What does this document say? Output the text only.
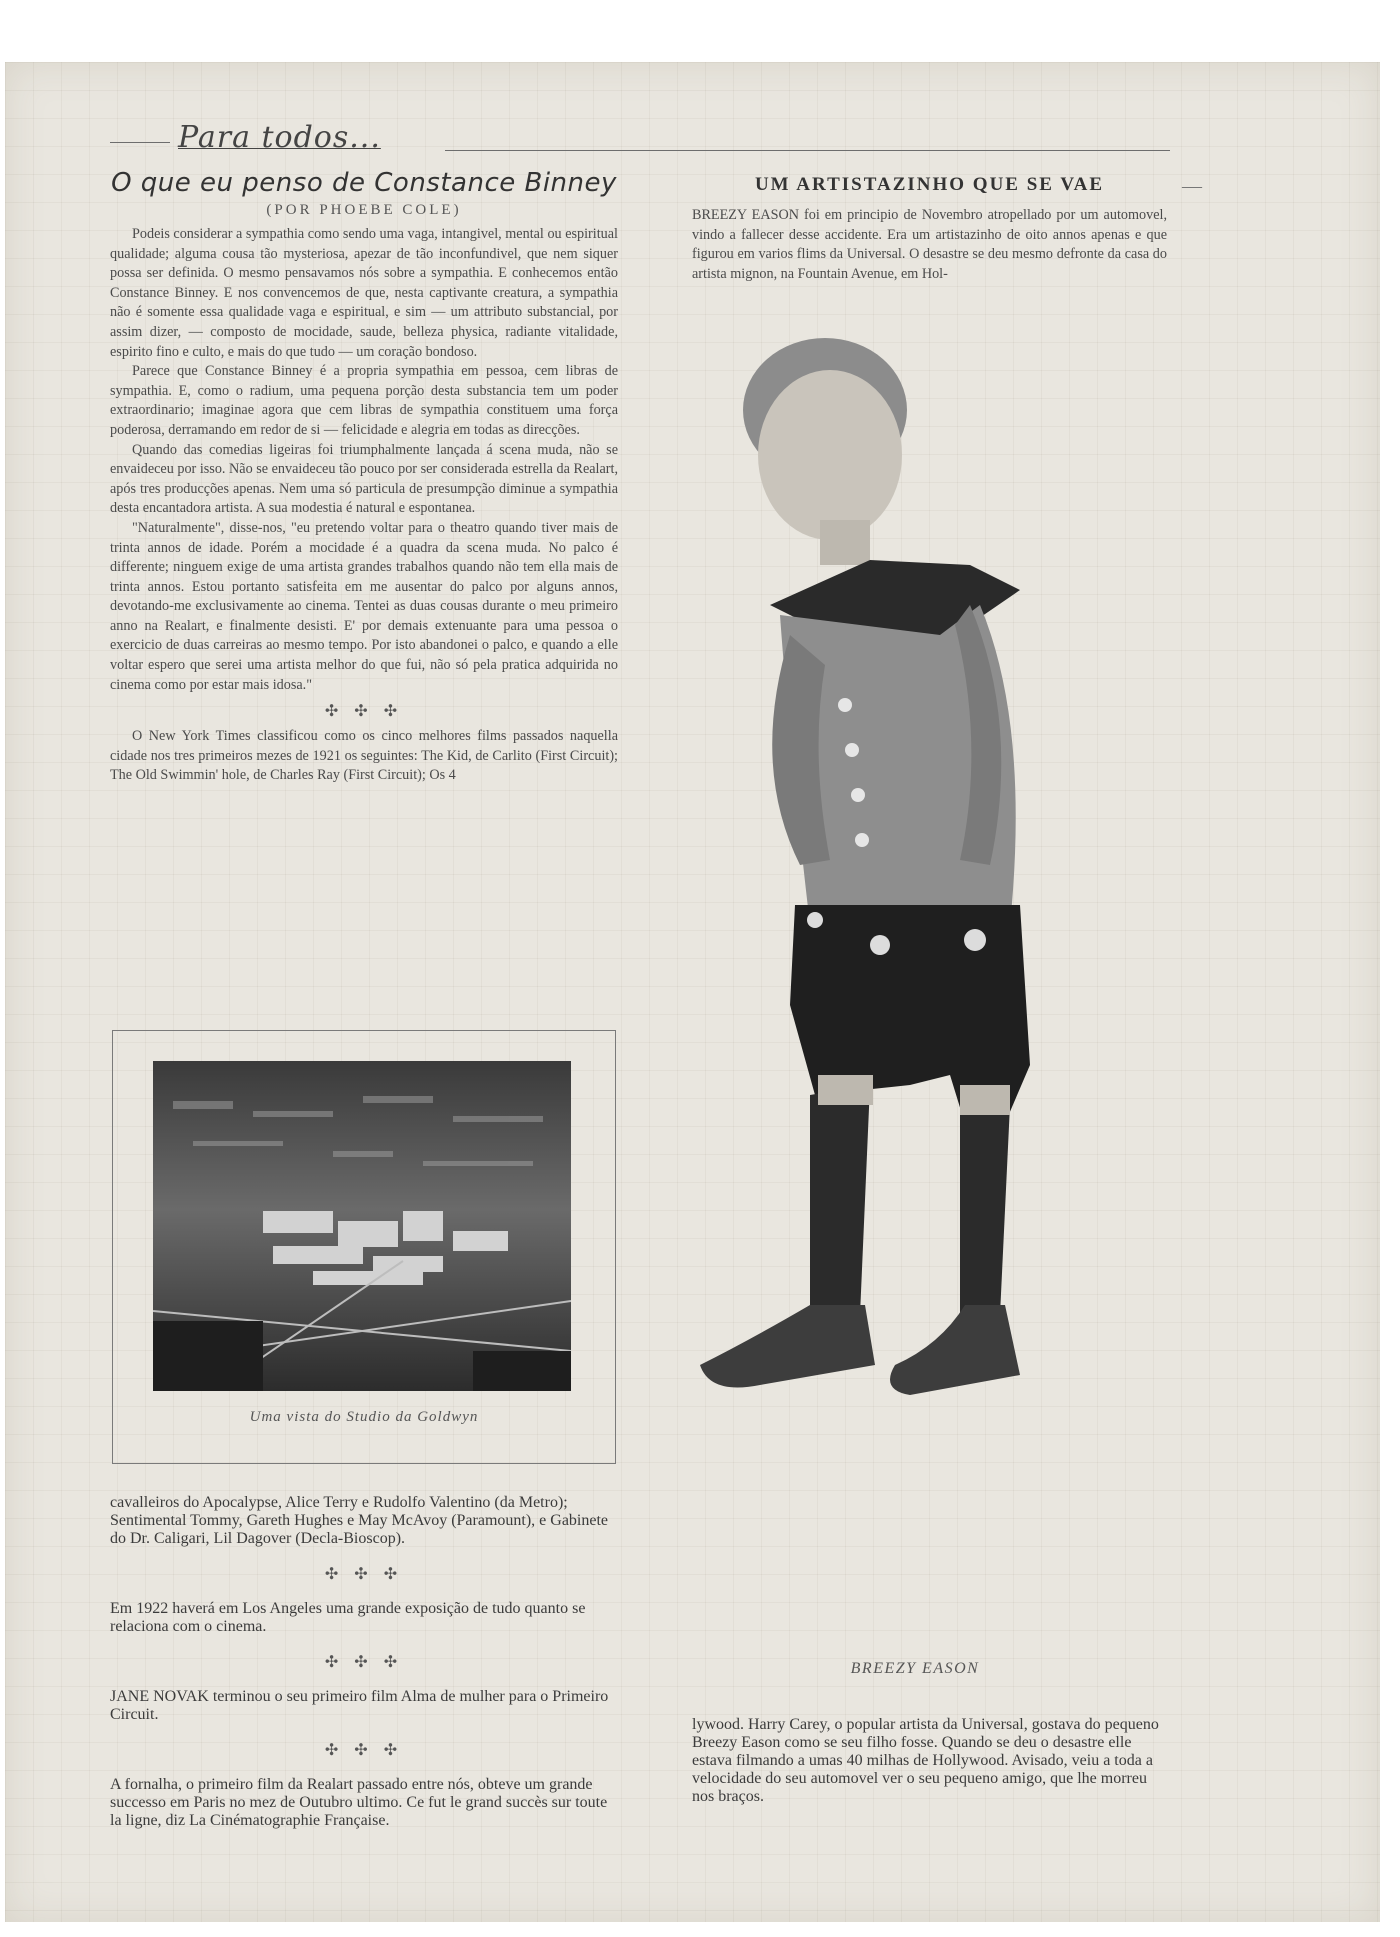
Para todos...
O que eu penso de Constance Binney
(POR PHOEBE COLE)

Podeis considerar a sympathia como sendo uma vaga, intangivel, mental ou espiritual qualidade; alguma cousa tão mysteriosa, apezar de tão inconfundivel, que nem siquer possa ser definida. O mesmo pensavamos nós sobre a sympathia. E conhecemos então Constance Binney. E nos convencemos de que, nesta captivante creatura, a sympathia não é somente essa qualidade vaga e espiritual, e sim — um attributo substancial, por assim dizer, — composto de mocidade, saude, belleza physica, radiante vitalidade, espirito fino e culto, e mais do que tudo — um coração bondoso.

Parece que Constance Binney é a propria sympathia em pessoa, cem libras de sympathia. E, como o radium, uma pequena porção desta substancia tem um poder extraordinario; imaginae agora que cem libras de sympathia constituem uma força poderosa, derramando em redor de si — felicidade e alegria em todas as direcções.

Quando das comedias ligeiras foi triumphalmente lançada á scena muda, não se envaideceu por isso. Não se envaideceu tão pouco por ser considerada estrella da Realart, após tres producções apenas. Nem uma só particula de presumpção diminue a sympathia desta encantadora artista. A sua modestia é natural e espontanea.

"Naturalmente", disse-nos, "eu pretendo voltar para o theatro quando tiver mais de trinta annos de idade. Porém a mocidade é a quadra da scena muda. No palco é differente; ninguem exige de uma artista grandes trabalhos quando não tem ella mais de trinta annos. Estou portanto satisfeita em me ausentar do palco por alguns annos, devotando-me exclusivamente ao cinema. Tentei as duas cousas durante o meu primeiro anno na Realart, e finalmente desisti. E' por demais extenuante para uma pessoa o exercicio de duas carreiras ao mesmo tempo. Por isto abandonei o palco, e quando a elle voltar espero que serei uma artista melhor do que fui, não só pela pratica adquirida no cinema como por estar mais idosa."

✣ ✣ ✣

O New York Times classificou como os cinco melhores films passados naquella cidade nos tres primeiros mezes de 1921 os seguintes: The Kid, de Carlito (First Circuit); The Old Swimmin' hole, de Charles Ray (First Circuit); Os 4

Uma vista do Studio da Goldwyn

cavalleiros do Apocalypse, Alice Terry e Rudolfo Valentino (da Metro); Sentimental Tommy, Gareth Hughes e May McAvoy (Paramount), e Gabinete do Dr. Caligari, Lil Dagover (Decla-Bioscop).

✣ ✣ ✣

Em 1922 haverá em Los Angeles uma grande exposição de tudo quanto se relaciona com o cinema.

✣ ✣ ✣

JANE NOVAK terminou o seu primeiro film Alma de mulher para o Primeiro Circuit.

✣ ✣ ✣

A fornalha, o primeiro film da Realart passado entre nós, obteve um grande successo em Paris no mez de Outubro ultimo. Ce fut le grand succès sur toute la ligne, diz La Cinématographie Française.

UM ARTISTAZINHO QUE SE VAE

BREEZY EASON foi em principio de Novembro atropellado por um automovel, vindo a fallecer desse accidente. Era um artistazinho de oito annos apenas e que figurou em varios flims da Universal. O desastre se deu mesmo defronte da casa do artista mignon, na Fountain Avenue, em Hol-

BREEZY EASON

lywood. Harry Carey, o popular artista da Universal, gostava do pequeno Breezy Eason como se seu filho fosse. Quando se deu o desastre elle estava filmando a umas 40 milhas de Hollywood. Avisado, veiu a toda a velocidade do seu automovel ver o seu pequeno amigo, que lhe morreu nos braços.

—
